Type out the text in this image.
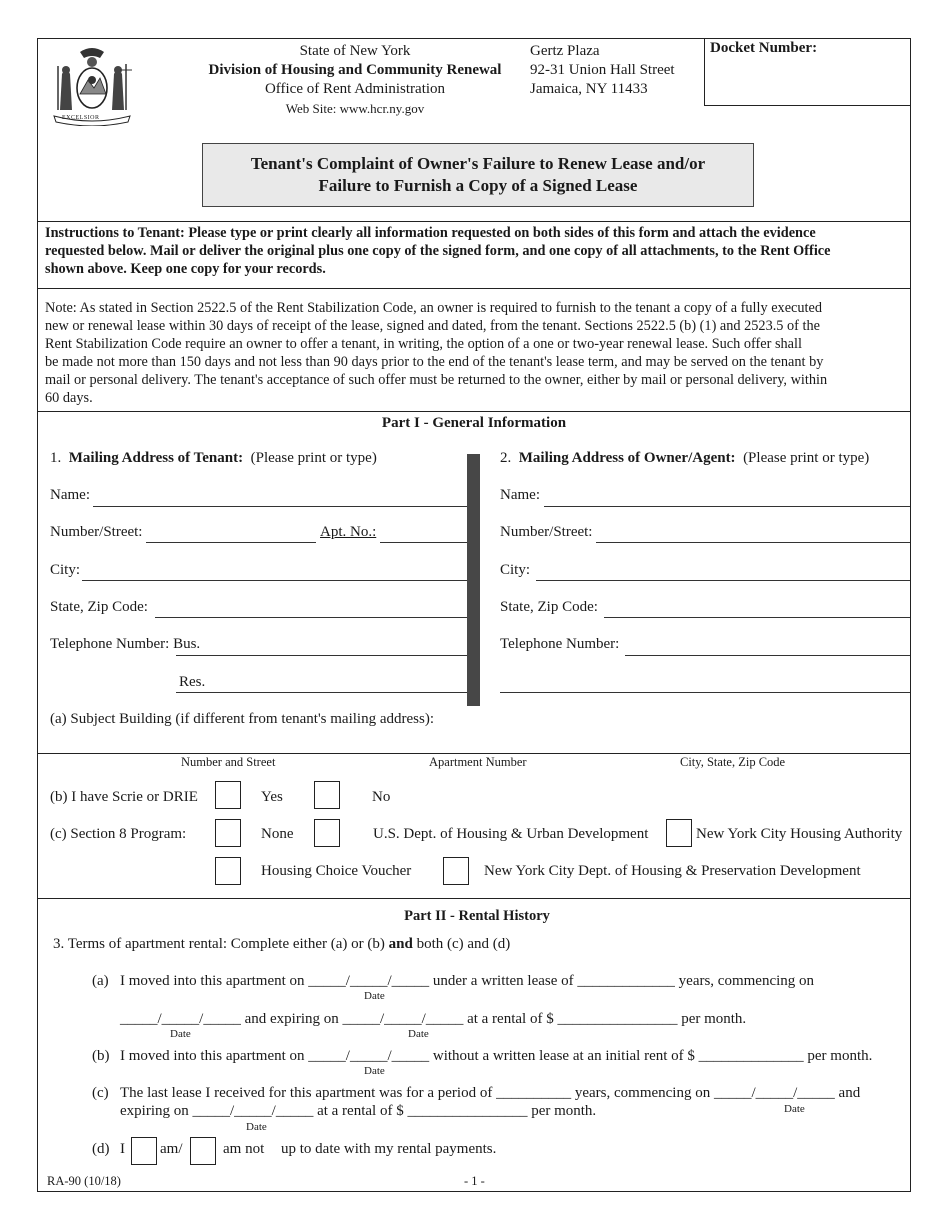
EXCELSIOR
State of New York
Division of Housing and Community Renewal
Office of Rent Administration
Web Site: www.hcr.ny.gov
Gertz Plaza
92-31 Union Hall Street
Jamaica, NY 11433
Docket Number:
Tenant's Complaint of Owner's Failure to Renew Lease and/or
Failure to Furnish a Copy of a Signed Lease
Instructions to Tenant: Please type or print clearly all information requested on both sides of this form and attach the evidence
requested below. Mail or deliver the original plus one copy of the signed form, and one copy of all attachments, to the Rent Office
shown above. Keep one copy for your records.
Note: As stated in Section 2522.5 of the Rent Stabilization Code, an owner is required to furnish to the tenant a copy of a fully executed
new or renewal lease within 30 days of receipt of the lease, signed and dated, from the tenant. Sections 2522.5 (b) (1) and 2523.5 of the
Rent Stabilization Code require an owner to offer a tenant, in writing, the option of a one or two-year renewal lease. Such offer shall
be made not more than 150 days and not less than 90 days prior to the end of the tenant's lease term, and may be served on the tenant by
mail or personal delivery. The tenant's acceptance of such offer must be returned to the owner, either by mail or personal delivery, within
60 days.
Part I - General Information
1. Mailing Address of Tenant: (Please print or type)	2. Mailing Address of Owner/Agent: (Please print or type)
Name:
Number/Street:	Apt. No.:
City:
State, Zip Code:
Telephone Number: Bus.
Res.
Name:
Number/Street:
City:
State, Zip Code:
Telephone Number:
(a) Subject Building (if different from tenant's mailing address):
Number and Street	Apartment Number	City, State, Zip Code
(b) I have Scrie or DRIE	Yes	No
(c) Section 8 Program:	None	U.S. Dept. of Housing & Urban Development	New York City Housing Authority
Housing Choice Voucher	New York City Dept. of Housing & Preservation Development
Part II - Rental History
3. Terms of apartment rental: Complete either (a) or (b) and both (c) and (d)
(a) I moved into this apartment on _____/_____/_____ under a written lease of _____________ years, commencing on
Date
_____/_____/_____ and expiring on _____/_____/_____ at a rental of $ ________________ per month.
Date	Date
(b) I moved into this apartment on _____/_____/_____ without a written lease at an initial rent of $ ______________ per month.
Date
(c) The last lease I received for this apartment was for a period of __________ years, commencing on _____/_____/_____ and
Date
expiring on _____/_____/_____ at a rental of $ ________________ per month.
Date
(d) I am/	am not up to date with my rental payments.
RA-90 (10/18)	- 1 -
